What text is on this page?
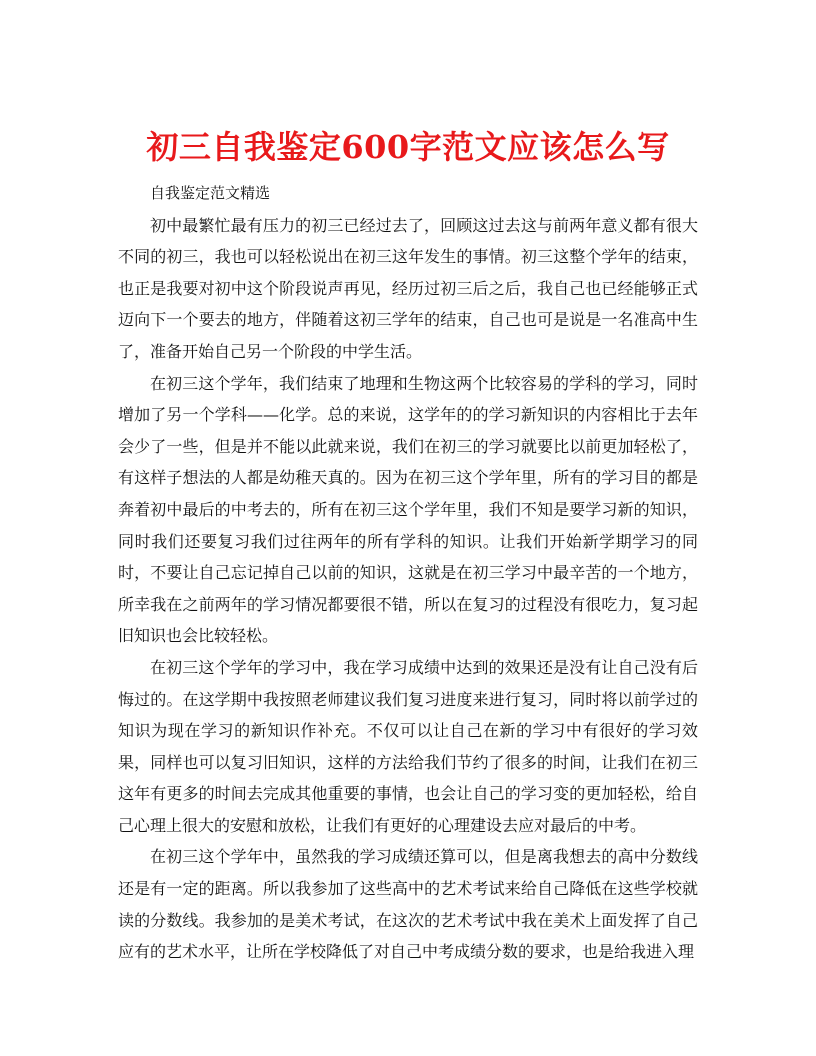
初三自我鉴定600字范文应该怎么写

自我鉴定范文精选

初中最繁忙最有压力的初三已经过去了，回顾这过去这与前两年意义都有很大不同的初三，我也可以轻松说出在初三这年发生的事情。初三这整个学年的结束，也正是我要对初中这个阶段说声再见，经历过初三后之后，我自己也已经能够正式迈向下一个要去的地方，伴随着这初三学年的结束，自己也可是说是一名准高中生了，准备开始自己另一个阶段的中学生活。

在初三这个学年，我们结束了地理和生物这两个比较容易的学科的学习，同时增加了另一个学科——化学。总的来说，这学年的的学习新知识的内容相比于去年会少了一些，但是并不能以此就来说，我们在初三的学习就要比以前更加轻松了，有这样子想法的人都是幼稚天真的。因为在初三这个学年里，所有的学习目的都是奔着初中最后的中考去的，所有在初三这个学年里，我们不知是要学习新的知识，同时我们还要复习我们过往两年的所有学科的知识。让我们开始新学期学习的同时，不要让自己忘记掉自己以前的知识，这就是在初三学习中最辛苦的一个地方，所幸我在之前两年的学习情况都要很不错，所以在复习的过程没有很吃力，复习起旧知识也会比较轻松。

在初三这个学年的学习中，我在学习成绩中达到的效果还是没有让自己没有后悔过的。在这学期中我按照老师建议我们复习进度来进行复习，同时将以前学过的知识为现在学习的新知识作补充。不仅可以让自己在新的学习中有很好的学习效果，同样也可以复习旧知识，这样的方法给我们节约了很多的时间，让我们在初三这年有更多的时间去完成其他重要的事情，也会让自己的学习变的更加轻松，给自己心理上很大的安慰和放松，让我们有更好的心理建设去应对最后的中考。

在初三这个学年中，虽然我的学习成绩还算可以，但是离我想去的高中分数线还是有一定的距离。所以我参加了这些高中的艺术考试来给自己降低在这些学校就读的分数线。我参加的是美术考试，在这次的艺术考试中我在美术上面发挥了自己应有的艺术水平，让所在学校降低了对自己中考成绩分数的要求，也是给我进入理
